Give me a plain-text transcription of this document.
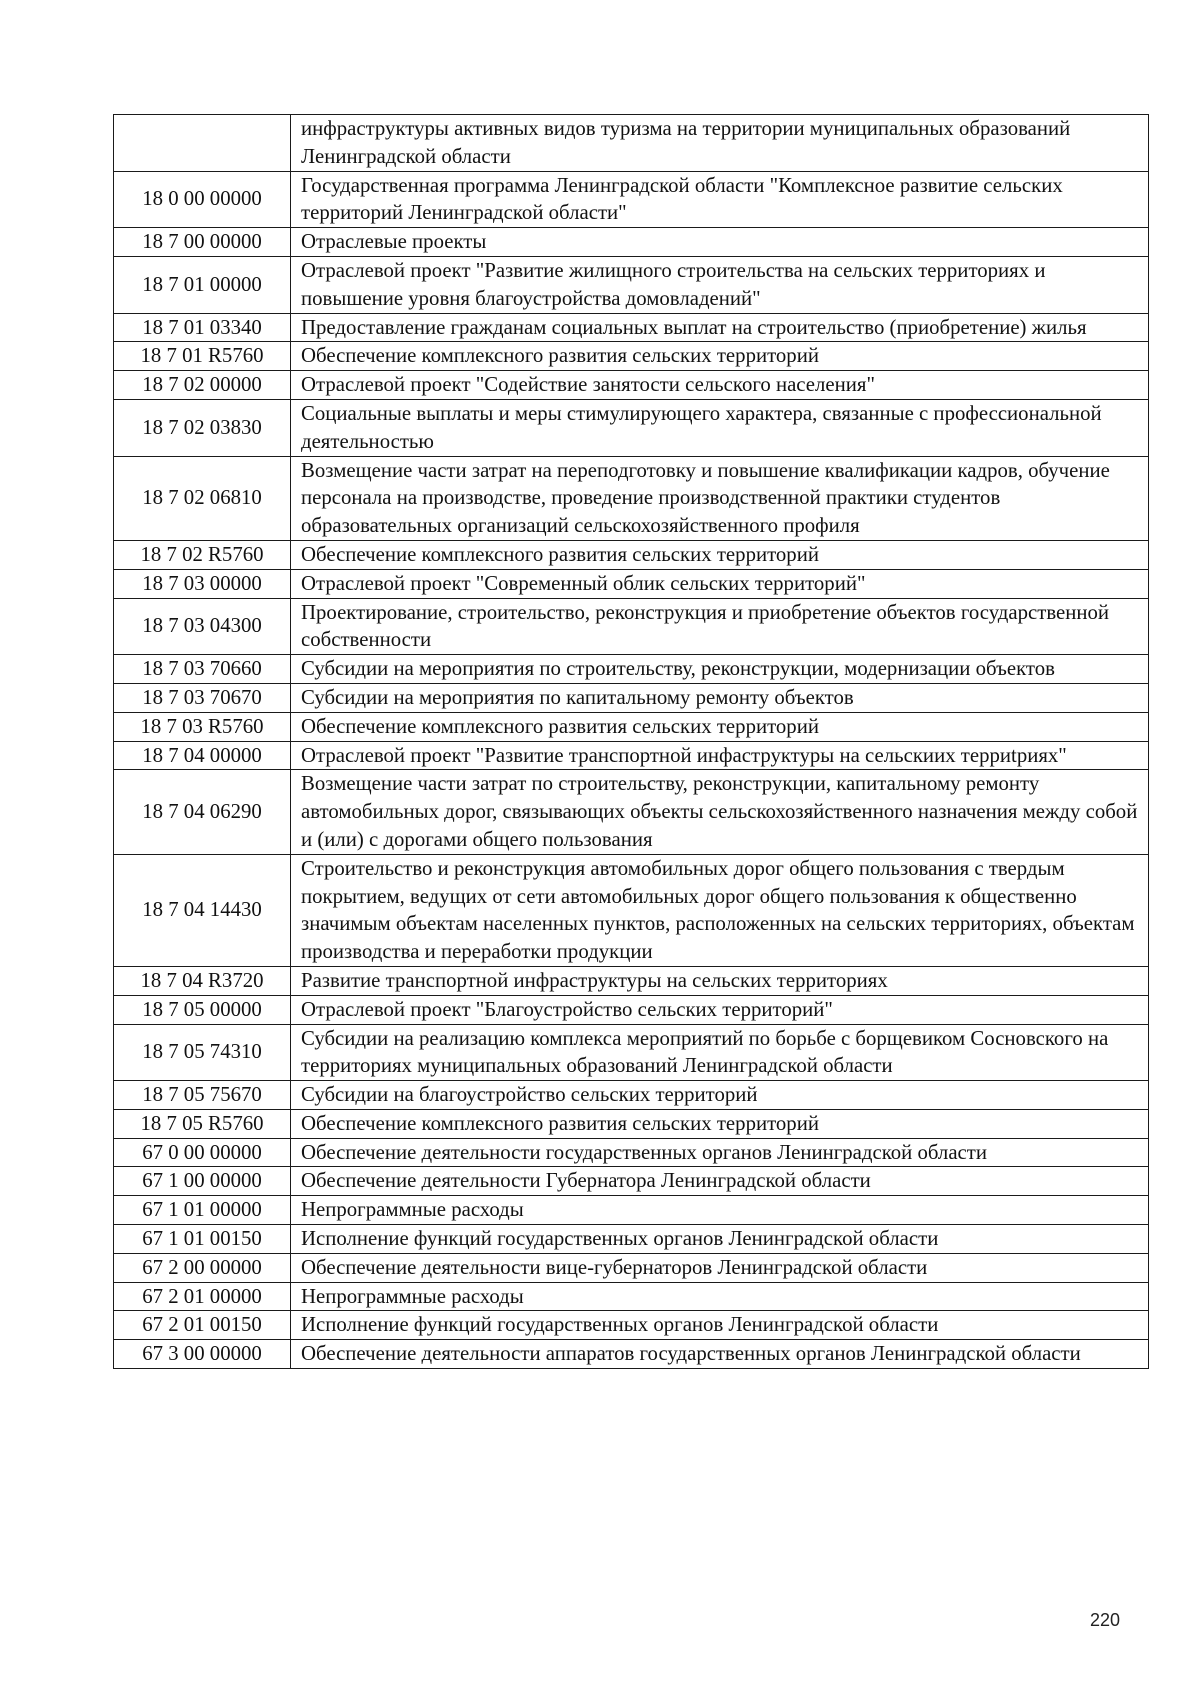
	инфраструктуры активных видов туризма на территории муниципальных образований Ленинградской области
18 0 00 00000	Государственная программа Ленинградской области "Комплексное развитие сельских территорий Ленинградской области"
18 7 00 00000	Отраслевые проекты
18 7 01 00000	Отраслевой проект "Развитие жилищного строительства на сельских территориях и повышение уровня благоустройства домовладений"
18 7 01 03340	Предоставление гражданам социальных выплат на строительство (приобретение) жилья
18 7 01 R5760	Обеспечение комплексного развития сельских территорий
18 7 02 00000	Отраслевой проект "Содействие занятости сельского населения"
18 7 02 03830	Социальные выплаты и меры стимулирующего характера, связанные с профессиональной деятельностью
18 7 02 06810	Возмещение части затрат на переподготовку и повышение квалификации кадров, обучение персонала на производстве, проведение производственной практики студентов образовательных организаций сельскохозяйственного профиля
18 7 02 R5760	Обеспечение комплексного развития сельских территорий
18 7 03 00000	Отраслевой проект "Современный облик сельских территорий"
18 7 03 04300	Проектирование, строительство, реконструкция и приобретение объектов государственной собственности
18 7 03 70660	Субсидии на мероприятия по строительству, реконструкции, модернизации объектов
18 7 03 70670	Субсидии на мероприятия по капитальному ремонту объектов
18 7 03 R5760	Обеспечение комплексного развития сельских территорий
18 7 04 00000	Отраслевой проект "Развитие транспортной инфаструктуры на сельскиих терриtриях"
18 7 04 06290	Возмещение части затрат по строительству, реконструкции, капитальному ремонту автомобильных дорог, связывающих объекты сельскохозяйственного назначения между собой и (или) с дорогами общего пользования
18 7 04 14430	Строительство и реконструкция автомобильных дорог общего пользования с твердым покрытием, ведущих от сети автомобильных дорог общего пользования к общественно значимым объектам населенных пунктов, расположенных на сельских территориях, объектам производства и переработки продукции
18 7 04 R3720	Развитие транспортной инфраструктуры на сельских территориях
18 7 05 00000	Отраслевой проект "Благоустройство сельских территорий"
18 7 05 74310	Субсидии на реализацию комплекса мероприятий по борьбе с борщевиком Сосновского на территориях муниципальных образований Ленинградской области
18 7 05 75670	Субсидии на благоустройство сельских территорий
18 7 05 R5760	Обеспечение комплексного развития сельских территорий
67 0 00 00000	Обеспечение деятельности государственных органов Ленинградской области
67 1 00 00000	Обеспечение деятельности Губернатора Ленинградской области
67 1 01 00000	Непрограммные расходы
67 1 01 00150	Исполнение функций государственных органов Ленинградской области
67 2 00 00000	Обеспечение деятельности вице-губернаторов Ленинградской области
67 2 01 00000	Непрограммные расходы
67 2 01 00150	Исполнение функций государственных органов Ленинградской области
67 3 00 00000	Обеспечение деятельности аппаратов государственных органов Ленинградской области
220
